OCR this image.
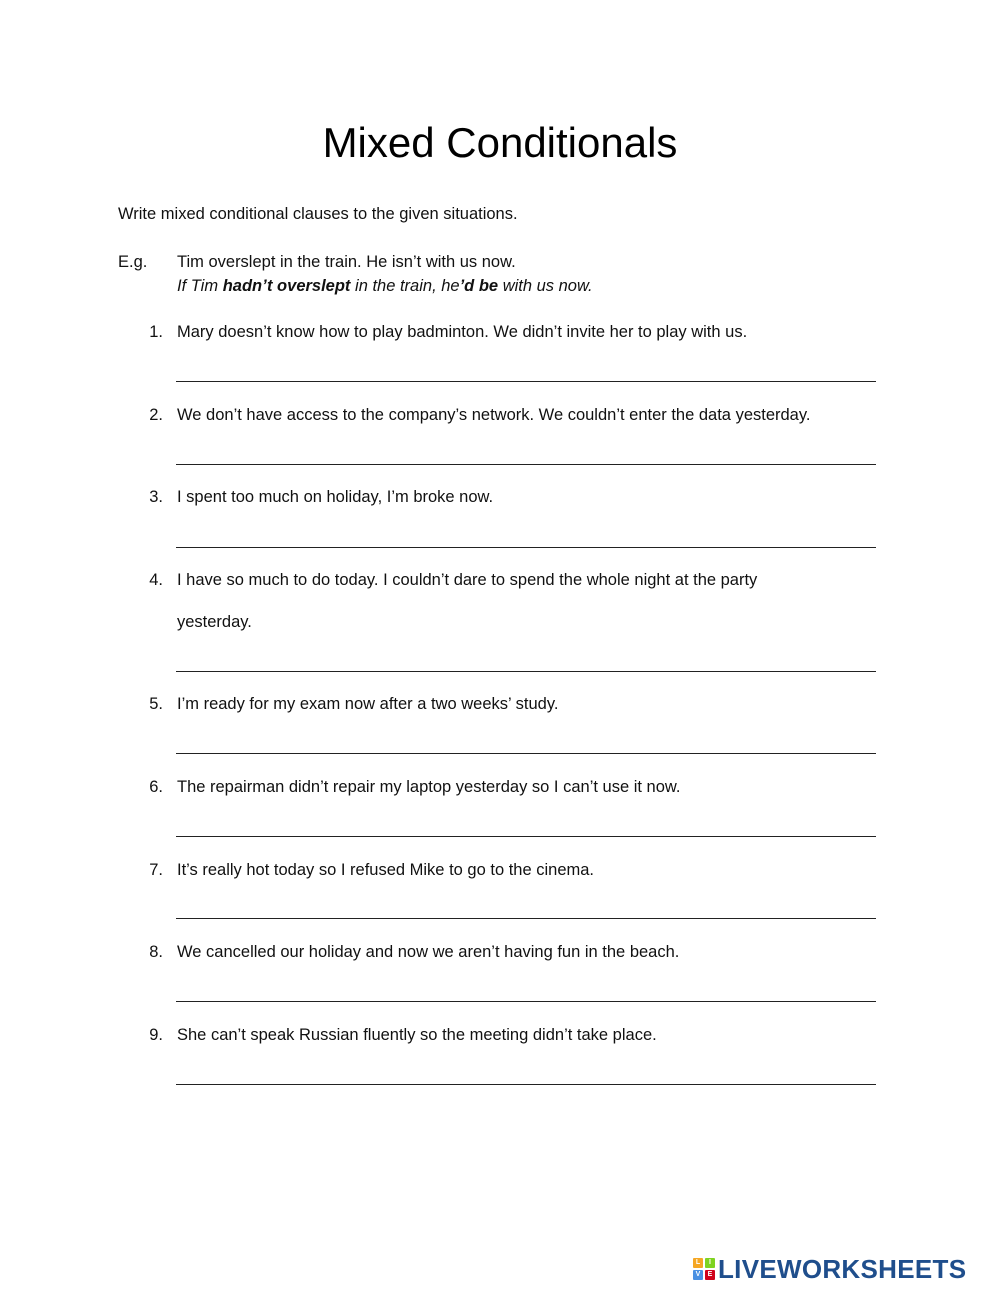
Mixed Conditionals
Write mixed conditional clauses to the given situations.
E.g. Tim overslept in the train. He isn’t with us now.
If Tim hadn’t overslept in the train, he’d be with us now.
1. Mary doesn’t know how to play badminton. We didn’t invite her to play with us.
2. We don’t have access to the company’s network. We couldn’t enter the data yesterday.
3. I spent too much on holiday, I’m broke now.
4. I have so much to do today. I couldn’t dare to spend the whole night at the party
yesterday.
5. I’m ready for my exam now after a two weeks’ study.
6. The repairman didn’t repair my laptop yesterday so I can’t use it now.
7. It’s really hot today so I refused Mike to go to the cinema.
8. We cancelled our holiday and now we aren’t having fun in the beach.
9. She can’t speak Russian fluently so the meeting didn’t take place.
L	I
V	E LIVEWORKSHEETS
